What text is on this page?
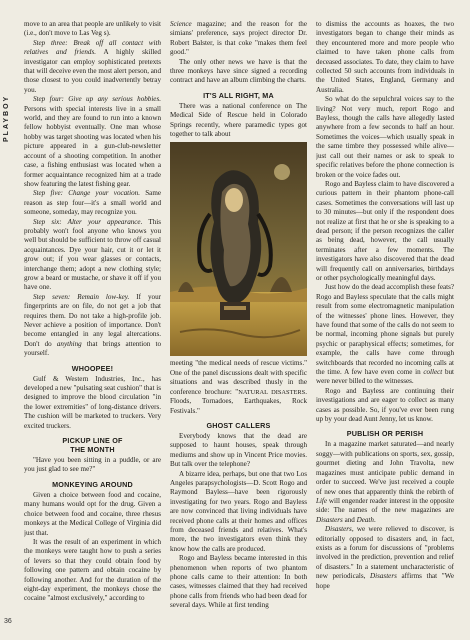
PLAYBOY
36

move to an area that people are unlikely to visit (i.e., don't move to Las Veg s).

Step three: Break off all contact with relatives and friends. A highly skilled investigator can employ sophisticated pretexts that will deceive even the most alert person, and those closest to you could inadvertently betray you.

Step four: Give up any serious hobbies. Persons with special interests live in a small world, and they are found to run into a known fellow hobbyist eventually. One man whose hobby was target shooting was located when his picture appeared in a gun-club-newsletter account of a shooting competition. In another case, a fishing enthusiast was located when a former acquaintance recognized him at a trade show featuring the latest fishing gear.

Step five: Change your vocation. Same reason as step four—it's a small world and someone, someday, may recognize you.

Step six: Alter your appearance. This probably won't fool anyone who knows you well but should be sufficient to throw off casual acquaintances. Dye your hair, cut it or let it grow out; if you wear glasses or contacts, interchange them; adopt a new clothing style; grow a beard or mustache, or shave it off if you have one.

Step seven: Remain low-key. If your fingerprints are on file, do not get a job that requires them. Do not take a high-profile job. Never achieve a position of importance. Don't become entangled in any legal altercations. Don't do anything that brings attention to yourself.

WHOOPEE!

Gulf & Western Industries, Inc., has developed a new "pulsating seat cushion" that is designed to improve the blood circulation "in the lower extremities" of long-distance drivers. The cushion will be marketed to truckers. Very excited truckers.

PICKUP LINE OF
THE MONTH

"Have you been sitting in a puddle, or are you just glad to see me?"

MONKEYING AROUND

Given a choice between food and cocaine, many humans would opt for the drug. Given a choice between food and cocaine, three rhesus monkeys at the Medical College of Virginia did just that.

It was the result of an experiment in which the monkeys were taught how to push a series of levers so that they could obtain food by following one pattern and obtain cocaine by following another. And for the duration of the eight-day experiment, the monkeys chose the cocaine "almost exclusively," according to

Science magazine; and the reason for the simians' preference, says project director Dr. Robert Balster, is that coke "makes them feel good."

The only other news we have is that the three monkeys have since signed a recording contract and have an album climbing the charts.

IT'S ALL RIGHT, MA

There was a national conference on The Medical Side of Rescue held in Colorado Springs recently, where paramedic types got together to talk about

meeting "the medical needs of rescue victims." One of the panel discussions dealt with specific situations and was described thusly in the conference brochure: "NATURAL DISASTERS. Floods, Tornadoes, Earthquakes, Rock Festivals."

GHOST CALLERS

Everybody knows that the dead are supposed to haunt houses, speak through mediums and show up in Vincent Price movies. But talk over the telephone?

A bizarre idea, perhaps, but one that two Los Angeles parapsychologists—D. Scott Rogo and Raymond Bayless—have been rigorously investigating for two years. Rogo and Bayless are now convinced that living individuals have received phone calls at their homes and offices from deceased friends and relatives. What's more, the two investigators even think they know how the calls are produced.

Rogo and Bayless became interested in this phenomenon when reports of two phantom phone calls came to their attention: In both cases, witnesses claimed that they had received phone calls from friends who had been dead for several days. While at first tending

to dismiss the accounts as hoaxes, the two investigators began to change their minds as they encountered more and more people who claimed to have taken phone calls from deceased associates. To date, they claim to have collected 50 such accounts from individuals in the United States, England, Germany and Australia.

So what do the sepulchral voices say to the living? Not very much, report Rogo and Bayless, though the calls have allegedly lasted anywhere from a few seconds to half an hour. Sometimes the voices—which usually speak in the same timbre they possessed while alive—just call out their names or ask to speak to specific relatives before the phone connection is broken or the voice fades out.

Rogo and Bayless claim to have discovered a curious pattern in their phantom phone-call cases. Sometimes the conversations will last up to 30 minutes—but only if the respondent does not realize at first that he or she is speaking to a dead person; if the person recognizes the caller as being dead, however, the call usually terminates after a few moments. The investigators have also discovered that the dead will frequently call on anniversaries, birthdays or other psychologically meaningful days.

Just how do the dead accomplish these feats? Rogo and Bayless speculate that the calls might result from some electromagnetic manipulation of the witnesses' phone lines. However, they have found that some of the calls do not seem to be normal, incoming phone signals but purely psychic or paraphysical effects; sometimes, for example, the calls have come through switchboards that recorded no incoming calls at the time. A few have even come in collect but were never billed to the witnesses.

Rogo and Bayless are continuing their investigations and are eager to collect as many cases as possible. So, if you've ever been rung up by your dead Aunt Jenny, let us know.

PUBLISH OR PERISH

In a magazine market saturated—and nearly soggy—with publications on sports, sex, gossip, gourmet dieting and John Travolta, new magazines must anticipate public demand in order to succeed. We've just received a couple of new ones that apparently think the rebirth of Life will engender reader interest in the opposite side: The names of the new magazines are Disasters and Death.

Disasters, we were relieved to discover, is editorially opposed to disasters and, in fact, exists as a forum for discussions of "problems involved in the prediction, prevention and relief of disasters." In a statement uncharacteristic of new periodicals, Disasters affirms that "We hope
